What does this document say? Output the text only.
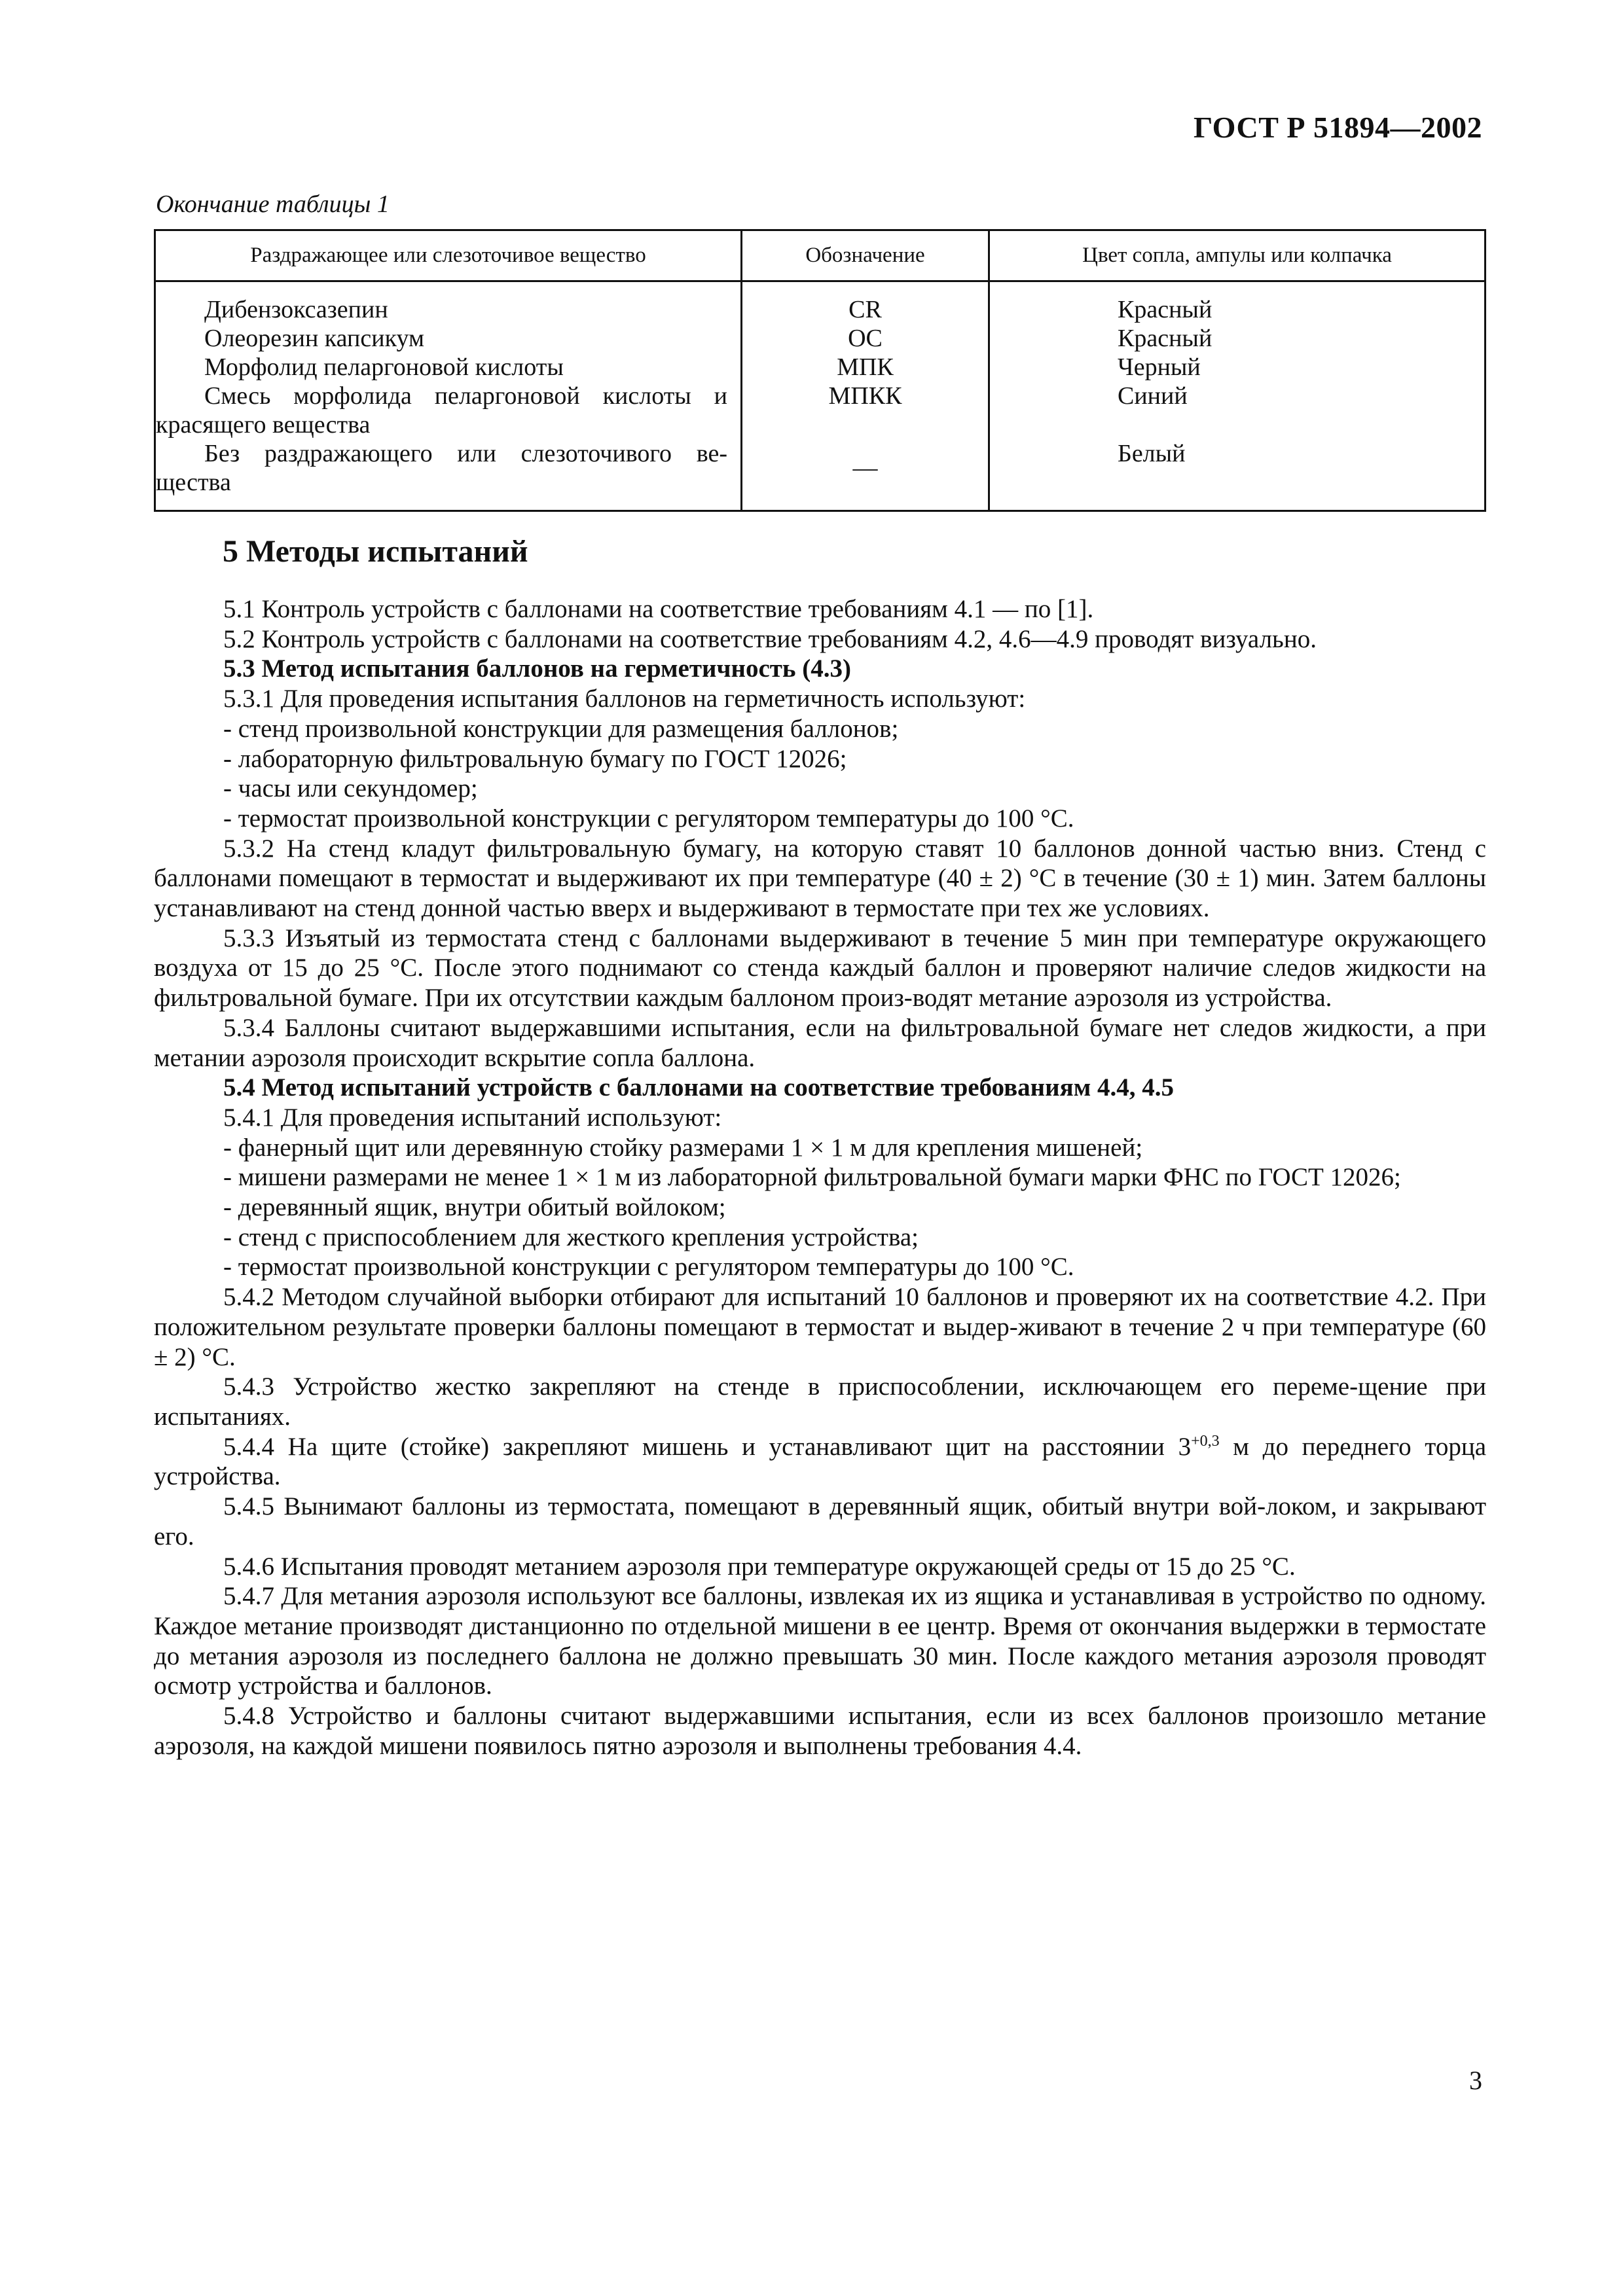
ГОСТ Р 51894—2002
Окончание таблицы 1
Раздражающее или слезоточивое вещество	Обозначение	Цвет сопла, ампулы или колпачка

Дибензоксазепин	CR	Красный

Олеорезин капсикум	OC	Красный

Морфолид пеларгоновой кислоты	МПК	Черный

Смесь морфолида пеларгоновой кислоты и красящего вещества	МПКК	Синий

Без раздражающего или слезоточивого ве-щества	—	Белый
5 Методы испытаний

5.1 Контроль устройств с баллонами на соответствие требованиям 4.1 — по [1].

5.2 Контроль устройств с баллонами на соответствие требованиям 4.2, 4.6—4.9 проводят визуально.

5.3 Метод испытания баллонов на герметичность (4.3)

5.3.1 Для проведения испытания баллонов на герметичность используют:

- стенд произвольной конструкции для размещения баллонов;

- лабораторную фильтровальную бумагу по ГОСТ 12026;

- часы или секундомер;

- термостат произвольной конструкции с регулятором температуры до 100 °С.

5.3.2 На стенд кладут фильтровальную бумагу, на которую ставят 10 баллонов донной частью вниз. Стенд с баллонами помещают в термостат и выдерживают их при температуре (40 ± 2) °С в течение (30 ± 1) мин. Затем баллоны устанавливают на стенд донной частью вверх и выдерживают в термостате при тех же условиях.

5.3.3 Изъятый из термостата стенд с баллонами выдерживают в течение 5 мин при температуре окружающего воздуха от 15 до 25 °С. После этого поднимают со стенда каждый баллон и проверяют наличие следов жидкости на фильтровальной бумаге. При их отсутствии каждым баллоном произ-водят метание аэрозоля из устройства.

5.3.4 Баллоны считают выдержавшими испытания, если на фильтровальной бумаге нет следов жидкости, а при метании аэрозоля происходит вскрытие сопла баллона.

5.4 Метод испытаний устройств с баллонами на соответствие требованиям 4.4, 4.5

5.4.1 Для проведения испытаний используют:

- фанерный щит или деревянную стойку размерами 1 × 1 м для крепления мишеней;

- мишени размерами не менее 1 × 1 м из лабораторной фильтровальной бумаги марки ФНС по ГОСТ 12026;

- деревянный ящик, внутри обитый войлоком;

- стенд с приспособлением для жесткого крепления устройства;

- термостат произвольной конструкции с регулятором температуры до 100 °С.

5.4.2 Методом случайной выборки отбирают для испытаний 10 баллонов и проверяют их на соответствие 4.2. При положительном результате проверки баллоны помещают в термостат и выдер-живают в течение 2 ч при температуре (60 ± 2) °С.

5.4.3 Устройство жестко закрепляют на стенде в приспособлении, исключающем его переме-щение при испытаниях.

5.4.4 На щите (стойке) закрепляют мишень и устанавливают щит на расстоянии $3^{+0,3}$ м до переднего торца устройства.

5.4.5 Вынимают баллоны из термостата, помещают в деревянный ящик, обитый внутри вой-локом, и закрывают его.

5.4.6 Испытания проводят метанием аэрозоля при температуре окружающей среды от 15 до 25 °С.

5.4.7 Для метания аэрозоля используют все баллоны, извлекая их из ящика и устанавливая в устройство по одному. Каждое метание производят дистанционно по отдельной мишени в ее центр. Время от окончания выдержки в термостате до метания аэрозоля из последнего баллона не должно превышать 30 мин. После каждого метания аэрозоля проводят осмотр устройства и баллонов.

5.4.8 Устройство и баллоны считают выдержавшими испытания, если из всех баллонов произошло метание аэрозоля, на каждой мишени появилось пятно аэрозоля и выполнены требования 4.4.

3
